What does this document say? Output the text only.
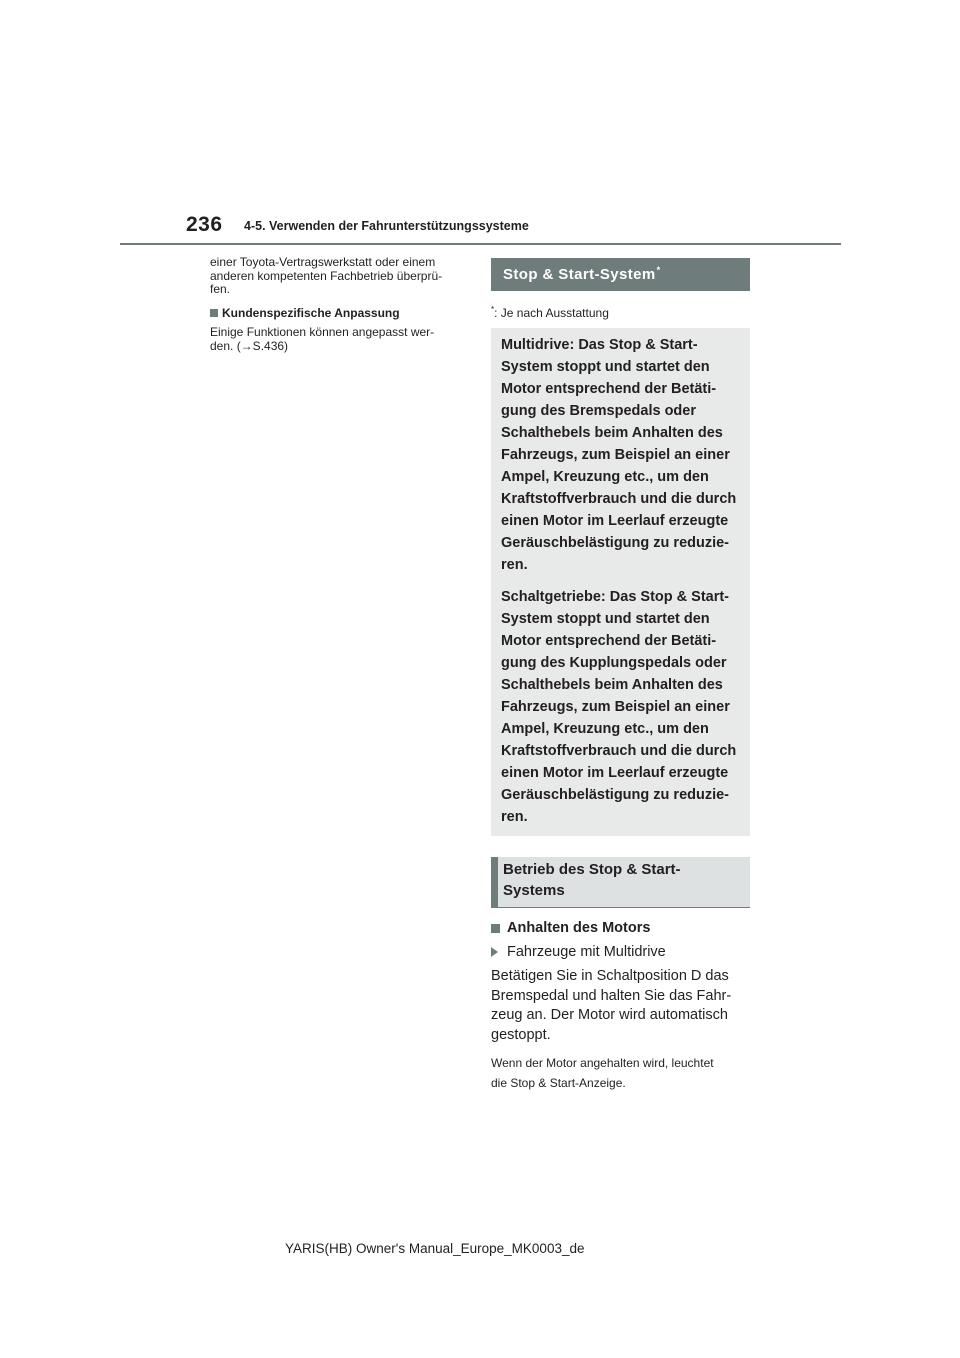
236 4-5. Verwenden der Fahrunterstützungssysteme

einer Toyota-Vertragswerkstatt oder einem
anderen kompetenten Fachbetrieb überprü-
fen.

Kundenspezifische Anpassung

Einige Funktionen können angepasst wer-
den. (→S.436)

Stop & Start-System*
*: Je nach Ausstattung

Multidrive: Das Stop & Start-
System stoppt und startet den
Motor entsprechend der Betäti-
gung des Bremspedals oder
Schalthebels beim Anhalten des
Fahrzeugs, zum Beispiel an einer
Ampel, Kreuzung etc., um den
Kraftstoffverbrauch und die durch
einen Motor im Leerlauf erzeugte
Geräuschbelästigung zu reduzie-
ren.

Schaltgetriebe: Das Stop & Start-
System stoppt und startet den
Motor entsprechend der Betäti-
gung des Kupplungspedals oder
Schalthebels beim Anhalten des
Fahrzeugs, zum Beispiel an einer
Ampel, Kreuzung etc., um den
Kraftstoffverbrauch und die durch
einen Motor im Leerlauf erzeugte
Geräuschbelästigung zu reduzie-
ren.

Betrieb des Stop & Start-
Systems
Anhalten des Motors
Fahrzeuge mit Multidrive
Betätigen Sie in Schaltposition D das
Bremspedal und halten Sie das Fahr-
zeug an. Der Motor wird automatisch
gestoppt.
Wenn der Motor angehalten wird, leuchtet
die Stop & Start-Anzeige.
YARIS(HB) Owner's Manual_Europe_MK0003_de
